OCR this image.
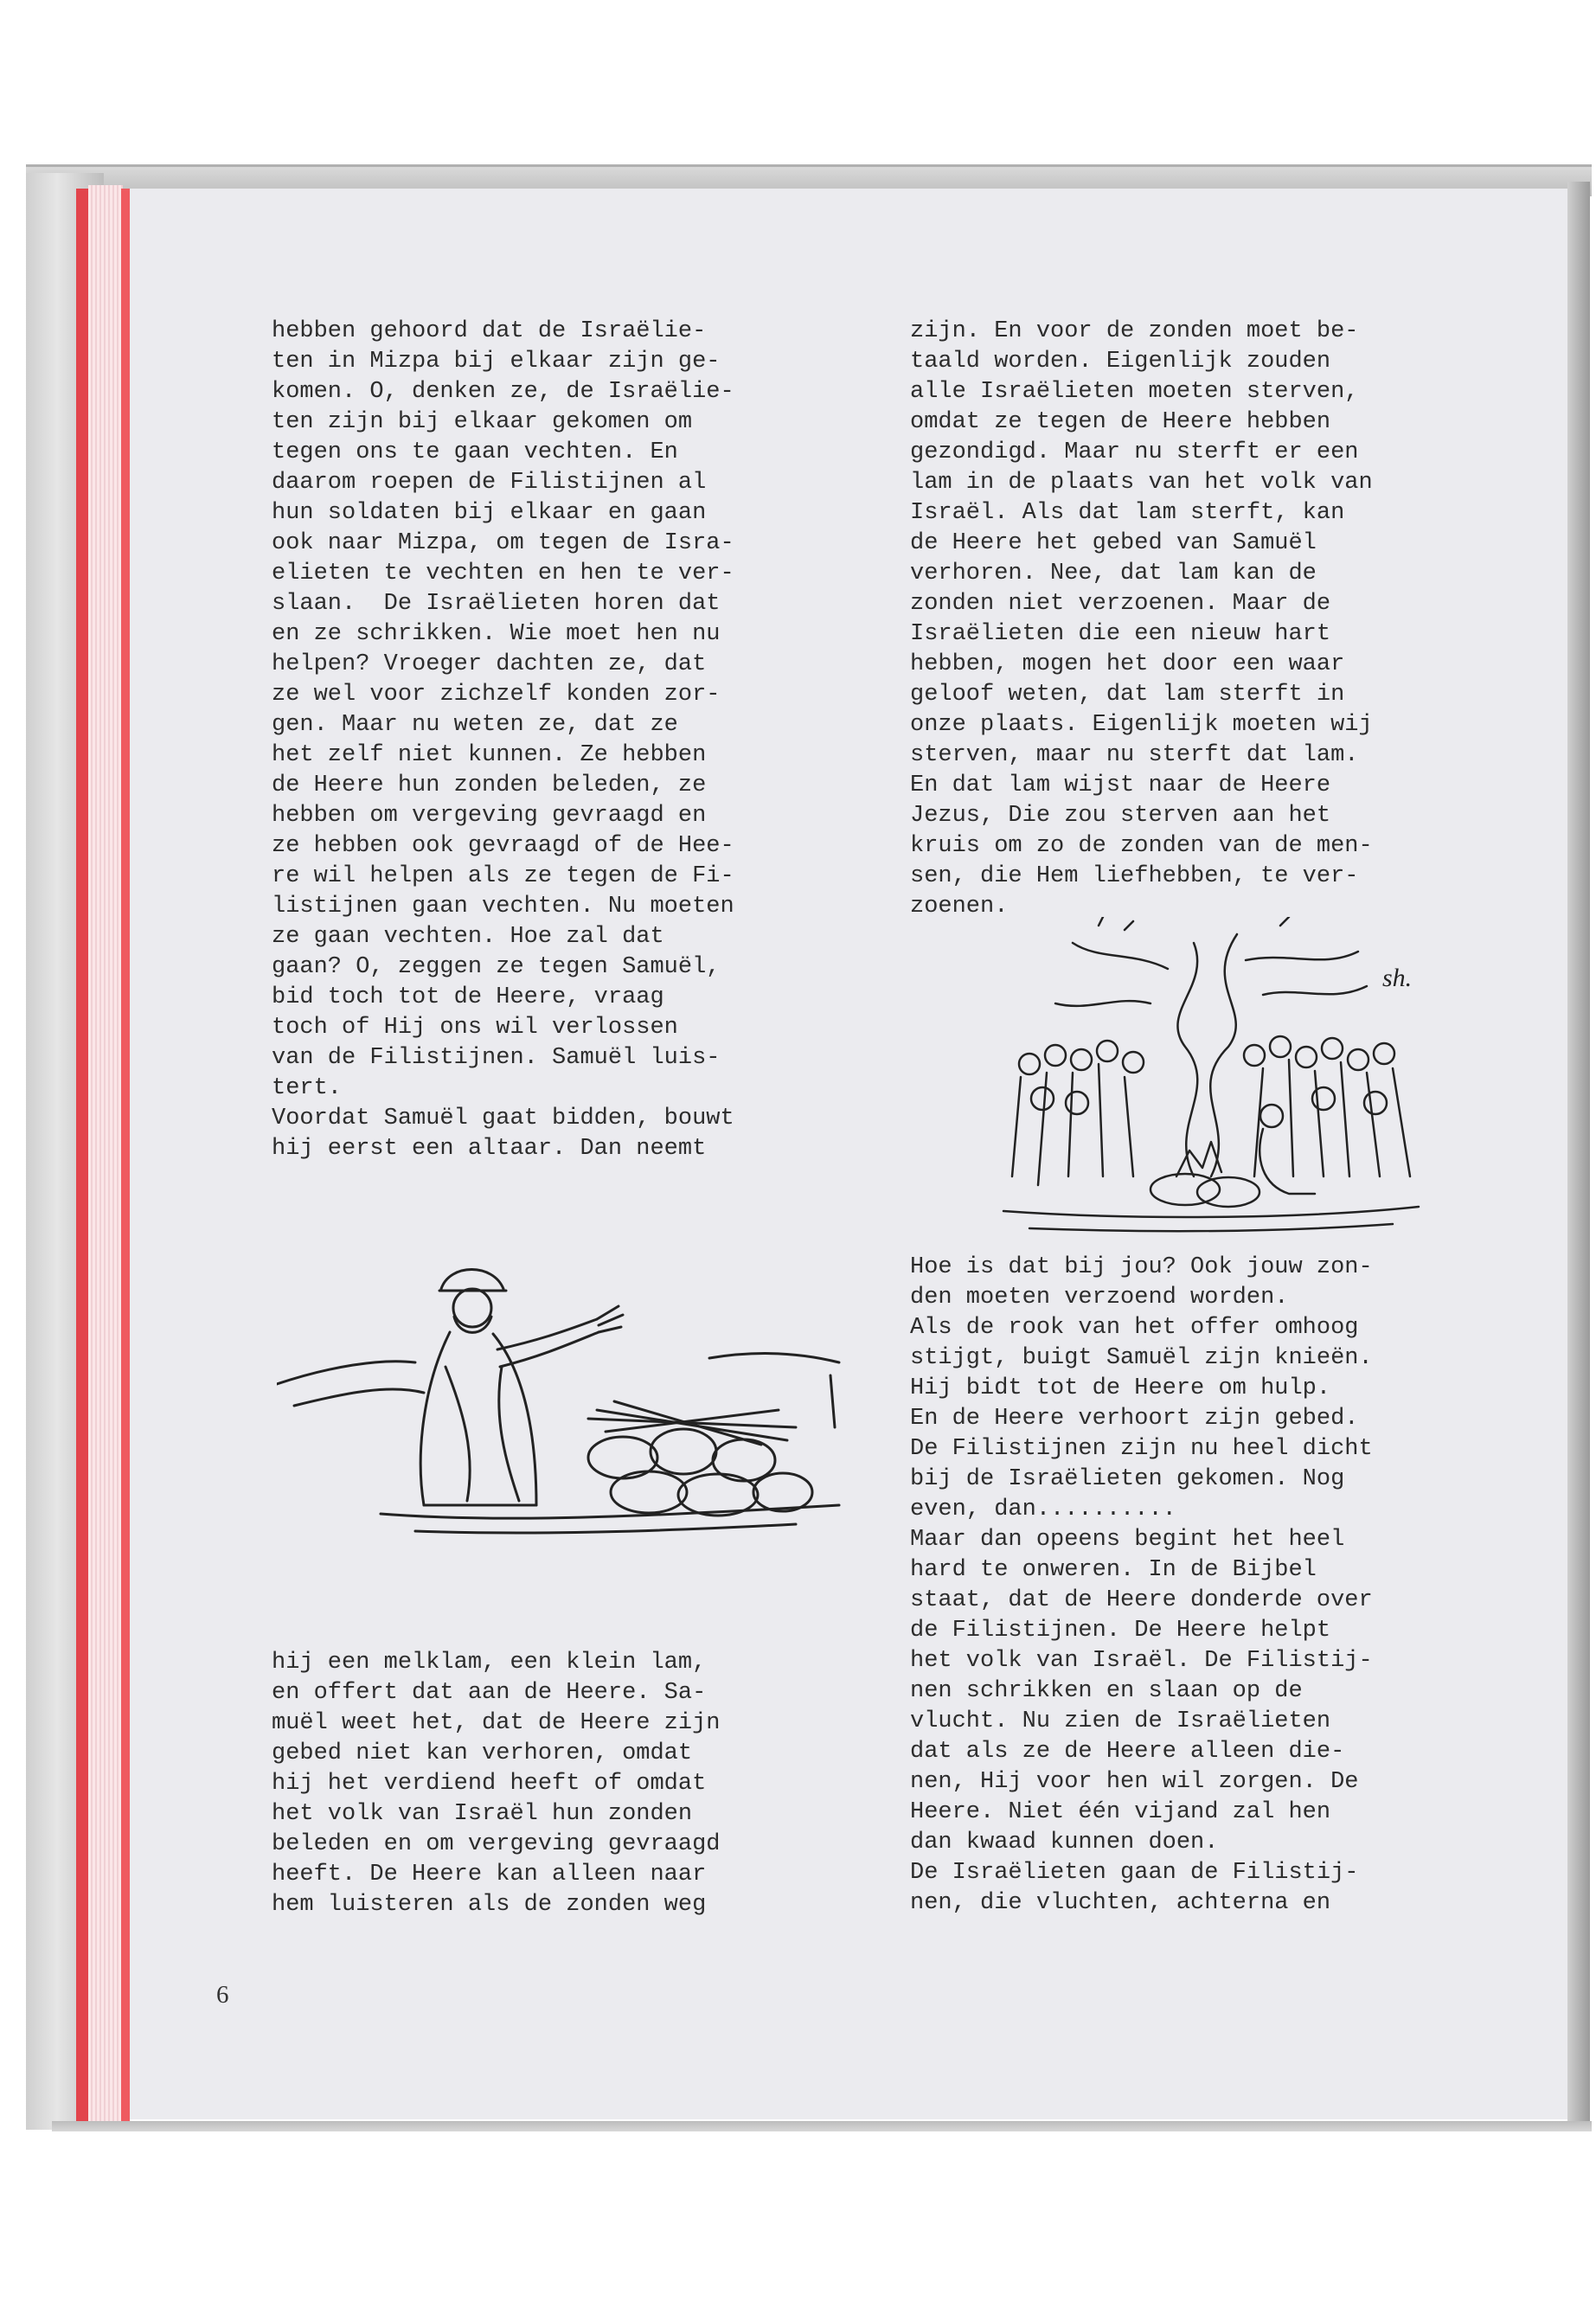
hebben gehoord dat de Israëlie-

ten in Mizpa bij elkaar zijn ge-

komen. O, denken ze, de Israëlie-

ten zijn bij elkaar gekomen om

tegen ons te gaan vechten. En

daarom roepen de Filistijnen al

hun soldaten bij elkaar en gaan

ook naar Mizpa, om tegen de Isra-

elieten te vechten en hen te ver-

slaan.  De Israëlieten horen dat

en ze schrikken. Wie moet hen nu

helpen? Vroeger dachten ze, dat

ze wel voor zichzelf konden zor-

gen. Maar nu weten ze, dat ze

het zelf niet kunnen. Ze hebben

de Heere hun zonden beleden, ze

hebben om vergeving gevraagd en

ze hebben ook gevraagd of de Hee-

re wil helpen als ze tegen de Fi-

listijnen gaan vechten. Nu moeten

ze gaan vechten. Hoe zal dat

gaan? O, zeggen ze tegen Samuël,

bid toch tot de Heere, vraag

toch of Hij ons wil verlossen

van de Filistijnen. Samuël luis-

tert.

Voordat Samuël gaat bidden, bouwt

hij eerst een altaar. Dan neemt

hij een melklam, een klein lam,

en offert dat aan de Heere. Sa-

muël weet het, dat de Heere zijn

gebed niet kan verhoren, omdat

hij het verdiend heeft of omdat

het volk van Israël hun zonden

beleden en om vergeving gevraagd

heeft. De Heere kan alleen naar

hem luisteren als de zonden weg

zijn. En voor de zonden moet be-

taald worden. Eigenlijk zouden

alle Israëlieten moeten sterven,

omdat ze tegen de Heere hebben

gezondigd. Maar nu sterft er een

lam in de plaats van het volk van

Israël. Als dat lam sterft, kan

de Heere het gebed van Samuël

verhoren. Nee, dat lam kan de

zonden niet verzoenen. Maar de

Israëlieten die een nieuw hart

hebben, mogen het door een waar

geloof weten, dat lam sterft in

onze plaats. Eigenlijk moeten wij

sterven, maar nu sterft dat lam.

En dat lam wijst naar de Heere

Jezus, Die zou sterven aan het

kruis om zo de zonden van de men-

sen, die Hem liefhebben, te ver-

zoenen.

Hoe is dat bij jou? Ook jouw zon-

den moeten verzoend worden.

Als de rook van het offer omhoog

stijgt, buigt Samuël zijn knieën.

Hij bidt tot de Heere om hulp.

En de Heere verhoort zijn gebed.

De Filistijnen zijn nu heel dicht

bij de Israëlieten gekomen. Nog

even, dan..........

Maar dan opeens begint het heel

hard te onweren. In de Bijbel

staat, dat de Heere donderde over

de Filistijnen. De Heere helpt

het volk van Israël. De Filistij-

nen schrikken en slaan op de

vlucht. Nu zien de Israëlieten

dat als ze de Heere alleen die-

nen, Hij voor hen wil zorgen. De

Heere. Niet één vijand zal hen

dan kwaad kunnen doen.

De Israëlieten gaan de Filistij-

nen, die vluchten, achterna en

sh.
6
